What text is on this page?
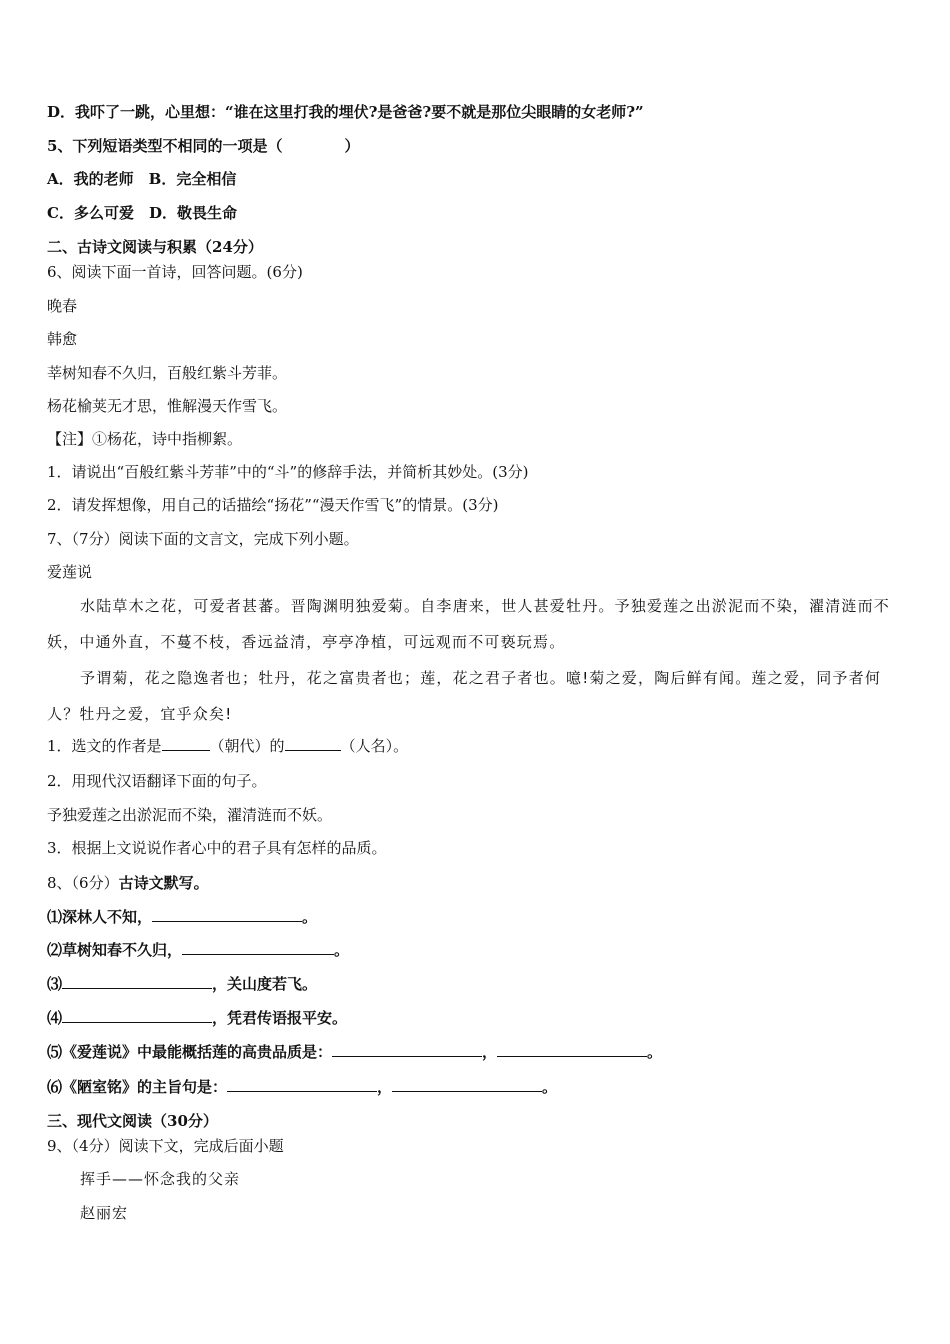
D．我吓了一跳，心里想：“谁在这里打我的埋伏?是爸爸?要不就是那位尖眼睛的女老师?”
5、下列短语类型不相同的一项是（	）
A．我的老师　B．完全相信
C．多么可爱　D．敬畏生命
二、古诗文阅读与积累（24分）
6、阅读下面一首诗，回答问题。(6分)
晚春
韩愈
莘树知春不久归，百般红紫斗芳菲。
杨花榆荚无才思，惟解漫天作雪飞。
【注】①杨花，诗中指柳絮。
1．请说出“百般红紫斗芳菲”中的“斗”的修辞手法，并简析其妙处。(3分)
2．请发挥想像，用自己的话描绘“扬花”“漫天作雪飞”的情景。(3分)
7、（7分）阅读下面的文言文，完成下列小题。
爱莲说
水陆草木之花，可爱者甚蕃。晋陶渊明独爱菊。自李唐来，世人甚爱牡丹。予独爱莲之出淤泥而不染，濯清涟而不妖，中通外直，不蔓不枝，香远益清，亭亭净植，可远观而不可亵玩焉。
予谓菊，花之隐逸者也；牡丹，花之富贵者也；莲，花之君子者也。噫!菊之爱，陶后鲜有闻。莲之爱，同予者何人？牡丹之爱，宜乎众矣!
1．选文的作者是	（朝代）的	（人名）。
2．用现代汉语翻译下面的句子。
予独爱莲之出淤泥而不染，濯清涟而不妖。
3．根据上文说说作者心中的君子具有怎样的品质。
8、（6分）古诗文默写。
⑴深林人不知，	。
⑵草树知春不久归，	。
⑶	，关山度若飞。
⑷	，凭君传语报平安。
⑸《爱莲说》中最能概括莲的高贵品质是：	，	。
⑹《陋室铭》的主旨句是：	，	。
三、现代文阅读（30分）
9、（4分）阅读下文，完成后面小题
挥手——怀念我的父亲
赵丽宏
